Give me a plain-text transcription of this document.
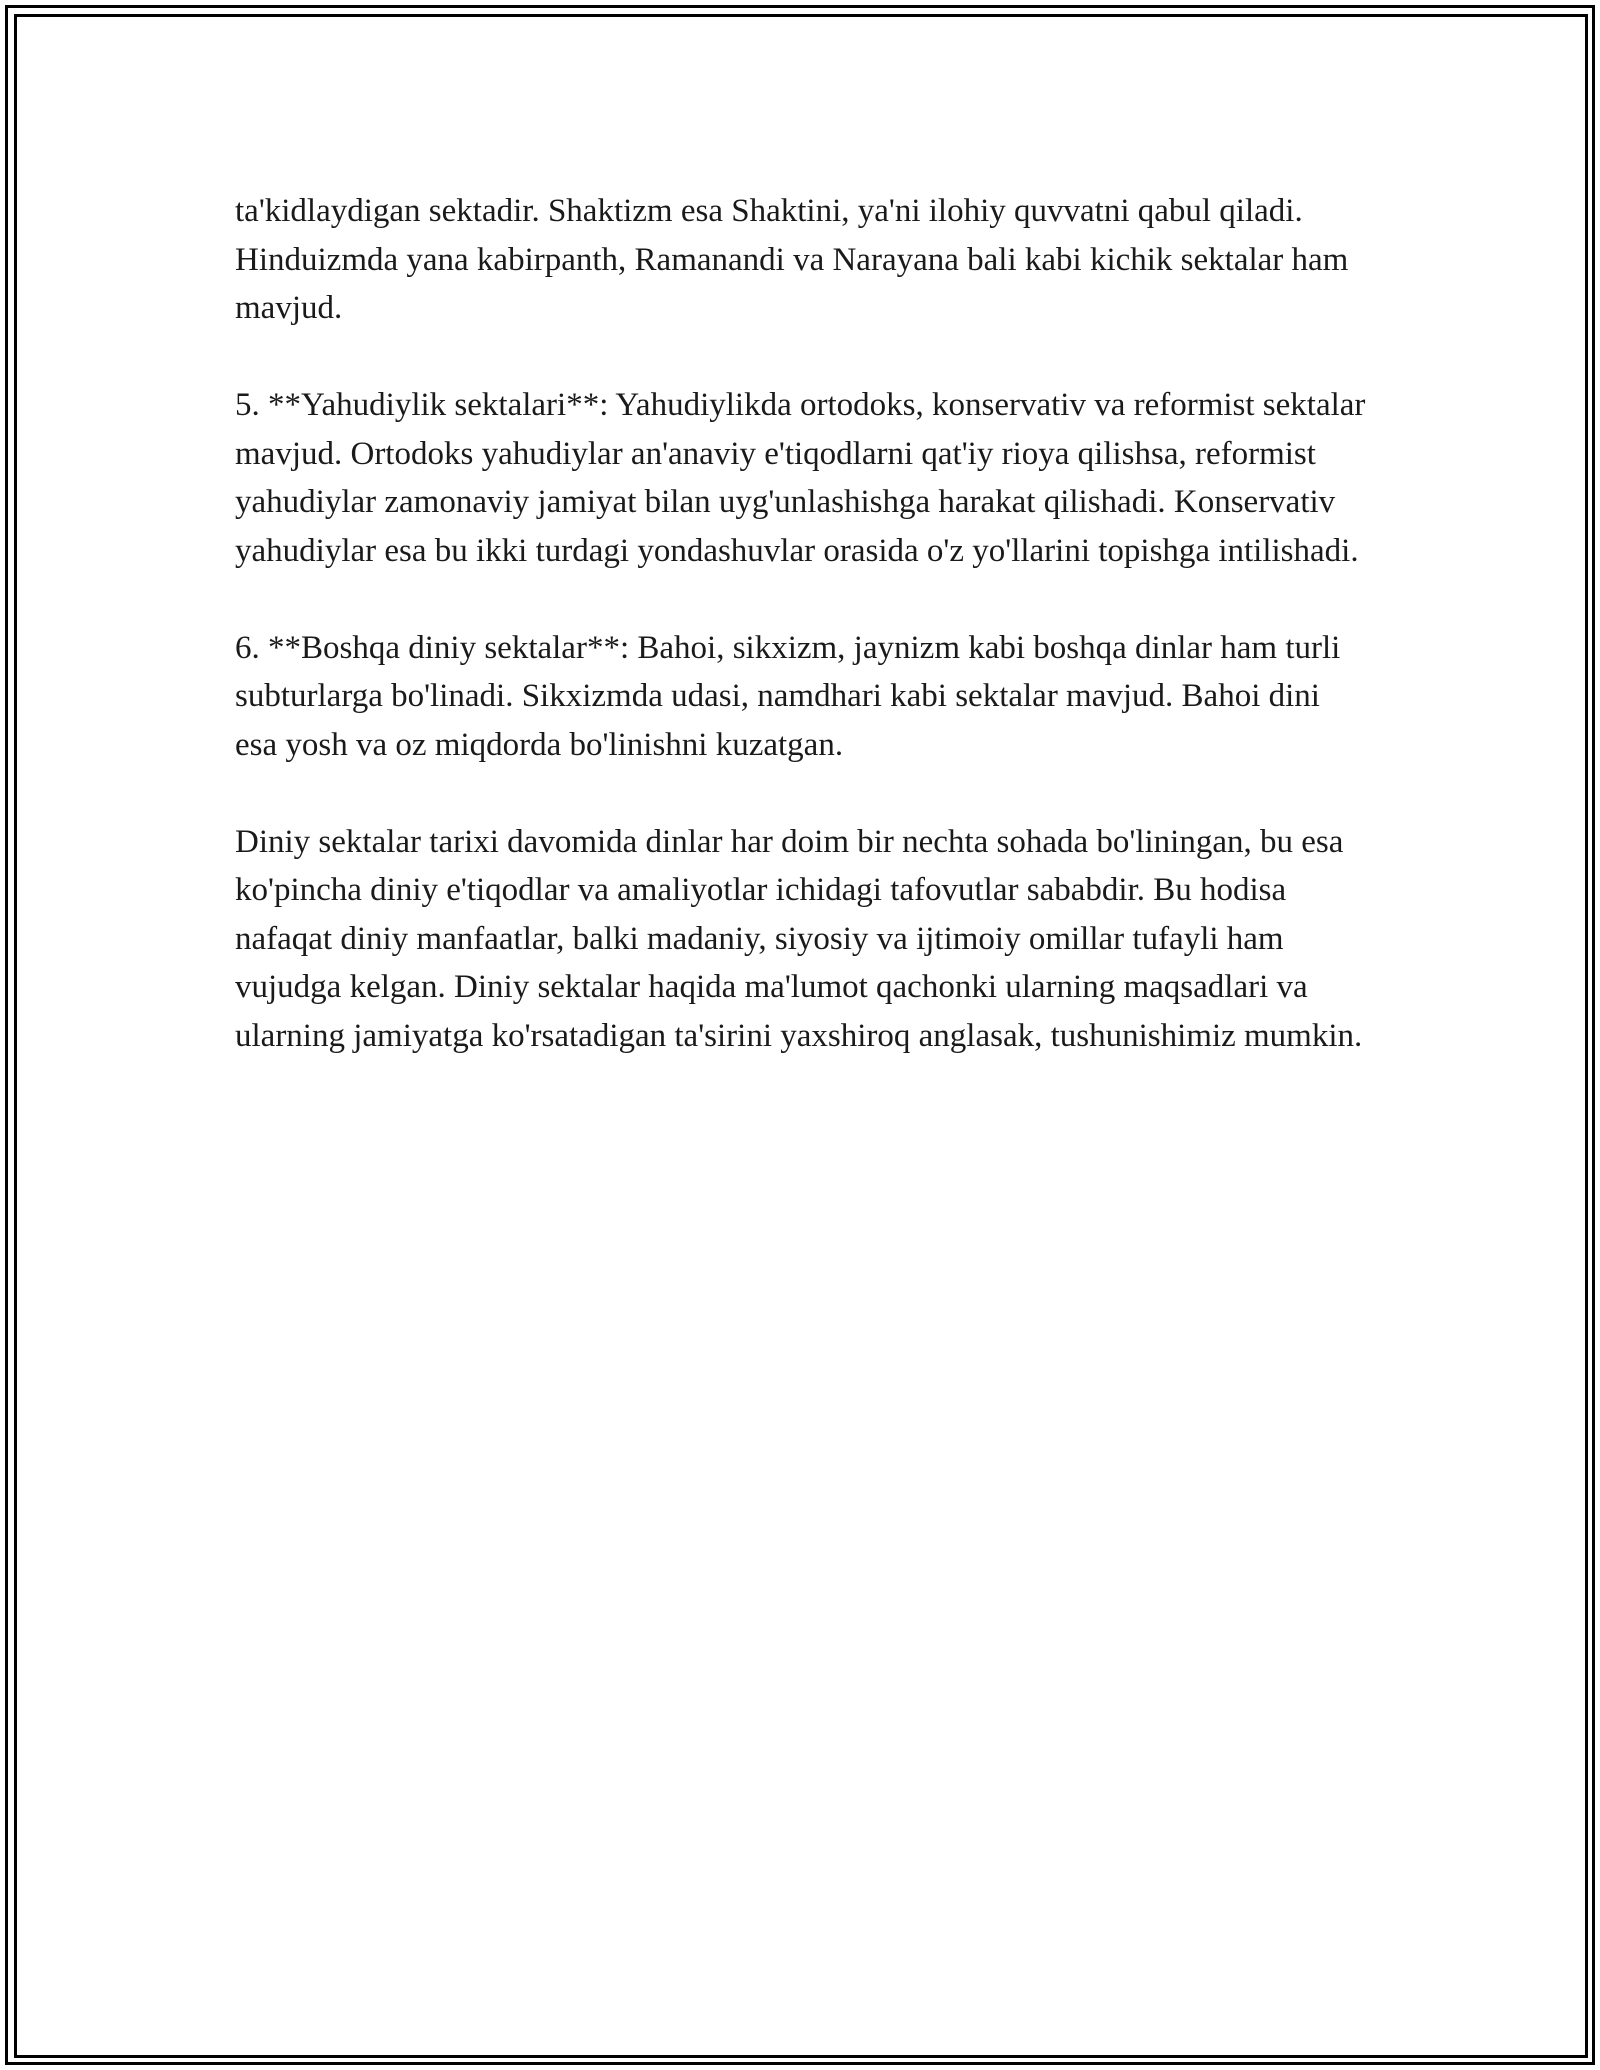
ta'kidlaydigan sektadir. Shaktizm esa Shaktini, ya'ni ilohiy quvvatni qabul qiladi. Hinduizmda yana kabirpanth, Ramanandi va Narayana bali kabi kichik sektalar ham mavjud.

5. **Yahudiylik sektalari**: Yahudiylikda ortodoks, konservativ va reformist sektalar mavjud. Ortodoks yahudiylar an'anaviy e'tiqodlarni qat'iy rioya qilishsa, reformist yahudiylar zamonaviy jamiyat bilan uyg'unlashishga harakat qilishadi. Konservativ yahudiylar esa bu ikki turdagi yondashuvlar orasida o'z yo'llarini topishga intilishadi.

6. **Boshqa diniy sektalar**: Bahoi, sikxizm, jaynizm kabi boshqa dinlar ham turli subturlarga bo'linadi. Sikxizmda udasi, namdhari kabi sektalar mavjud. Bahoi dini esa yosh va oz miqdorda bo'linishni kuzatgan.

Diniy sektalar tarixi davomida dinlar har doim bir nechta sohada bo'liningan, bu esa ko'pincha diniy e'tiqodlar va amaliyotlar ichidagi tafovutlar sababdir. Bu hodisa nafaqat diniy manfaatlar, balki madaniy, siyosiy va ijtimoiy omillar tufayli ham vujudga kelgan. Diniy sektalar haqida ma'lumot qachonki ularning maqsadlari va ularning jamiyatga ko'rsatadigan ta'sirini yaxshiroq anglasak, tushunishimiz mumkin.
